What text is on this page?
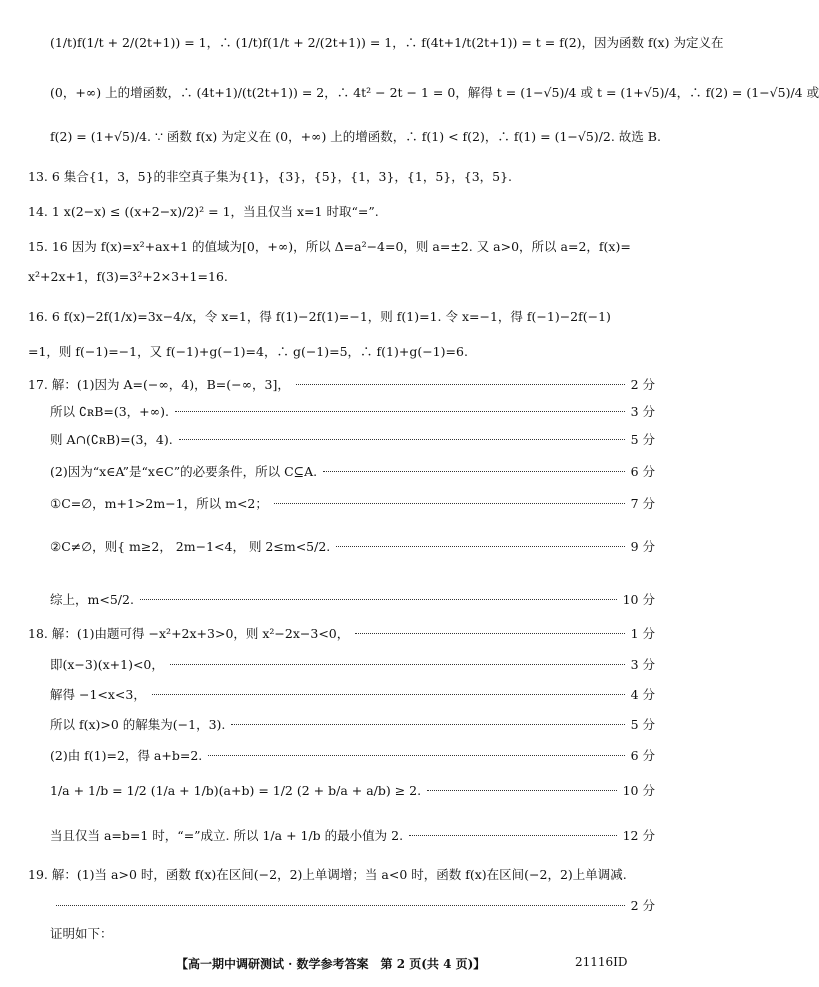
(1/t)f(1/t + 2/(2t+1)) = 1，∴ (1/t)f(1/t + 2/(2t+1)) = 1，∴ f(4t+1/t(2t+1)) = t = f(2)，因为函数 f(x) 为定义在
(0，+∞) 上的增函数，∴ (4t+1)/(t(2t+1)) = 2，∴ 4t² − 2t − 1 = 0，解得 t = (1−√5)/4 或 t = (1+√5)/4，∴ f(2) = (1−√5)/4 或
f(2) = (1+√5)/4. ∵ 函数 f(x) 为定义在 (0，+∞) 上的增函数，∴ f(1) < f(2)，∴ f(1) = (1−√5)/2. 故选 B.
13. 6 集合{1，3，5}的非空真子集为{1}，{3}，{5}，{1，3}，{1，5}，{3，5}.
14. 1 x(2−x) ≤ ((x+2−x)/2)² = 1，当且仅当 x=1 时取“=”.
15. 16 因为 f(x)=x²+ax+1 的值域为[0，+∞)，所以 Δ=a²−4=0，则 a=±2. 又 a>0，所以 a=2，f(x)=
x²+2x+1，f(3)=3²+2×3+1=16.
16. 6 f(x)−2f(1/x)=3x−4/x，令 x=1，得 f(1)−2f(1)=−1，则 f(1)=1. 令 x=−1，得 f(−1)−2f(−1)
=1，则 f(−1)=−1，又 f(−1)+g(−1)=4，∴ g(−1)=5，∴ f(1)+g(−1)=6.
17. 解：(1)因为 A=(−∞，4)，B=(−∞，3]，	2 分
所以 ∁ʀB=(3，+∞).	3 分
则 A∩(∁ʀB)=(3，4).	5 分
(2)因为“x∈A”是“x∈C”的必要条件，所以 C⊆A.	6 分
①C=∅，m+1>2m−1，所以 m<2；	7 分
②C≠∅，则{ m≥2， 2m−1<4， 则 2≤m<5/2.	9 分
综上，m<5/2.	10 分
18. 解：(1)由题可得 −x²+2x+3>0，则 x²−2x−3<0，	1 分
即(x−3)(x+1)<0，	3 分
解得 −1<x<3，	4 分
所以 f(x)>0 的解集为(−1，3).	5 分
(2)由 f(1)=2，得 a+b=2.	6 分
1/a + 1/b = 1/2 (1/a + 1/b)(a+b) = 1/2 (2 + b/a + a/b) ≥ 2.	10 分
当且仅当 a=b=1 时，“=”成立. 所以 1/a + 1/b 的最小值为 2.	12 分
19. 解：(1)当 a>0 时，函数 f(x)在区间(−2，2)上单调增；当 a<0 时，函数 f(x)在区间(−2，2)上单调减.
2 分
证明如下：
【高一期中调研测试 · 数学参考答案　第 2 页(共 4 页)】	21116ID
